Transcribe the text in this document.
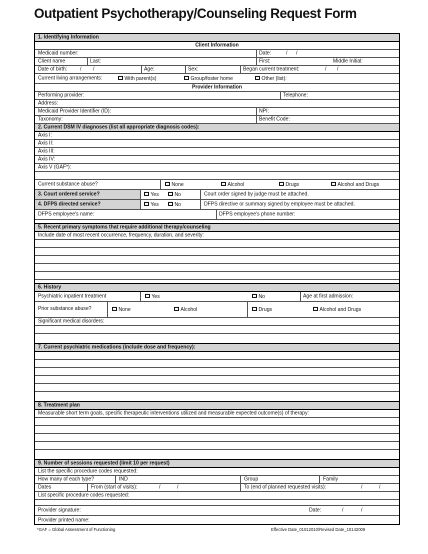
Outpatient Psychotherapy/Counseling Request Form
1. Identifying Information
Client Information
Medicaid number:	Date:	/ /
Client name	Last:	First:	Middle Initial:
Date of birth:	/ /	Age:	Sex:	Began current treatment:	/ /
Current living arrangements:	With parent(s)	Group/foster home	Other (list):
Provider Information
Performing provider:	Telephone:
Address:
Medicaid Provider Identifier (ID):	NPI:
Taxonomy:	Benefit Code:
2. Current DSM IV diagnoses (list all appropriate diagnosis codes):
Axis I:
Axis II:
Axis III:
Axis IV:
Axis V (GAF*):
Current substance abuse?	None	Alcohol	Drugs	Alcohol and Drugs
3. Court ordered service?	Yes	No	Court order signed by judge must be attached.
4. DFPS directed service?	Yes	No	DFPS directive or summary signed by employee must be attached.
DFPS employee's name:	DFPS employee's phone number:
5. Recent primary symptoms that require additional therapy/counseling
Include date of most recent occurrence, frequency, duration, and severity:
6. History
Psychiatric inpatient treatment	Yes	No	Age at first admission:
Prior substance abuse?	None	Alcohol	Drugs	Alcohol and Drugs
Significant medical disorders:
7. Current psychiatric medications (include dose and frequency):
8. Treatment plan
Measurable short term goals, specific therapeutic interventions utilized and measurable expected outcome(s) of therapy:
9. Number of sessions requested (limit 10 per request)
List the specific procedure codes requested:
How many of each type?	IND	Group	Family
Dates	From (start of visits):	/	/	To (end of planned requested visits):	/	/
List specific procedure codes requested:
Provider signature:	Date:	/	/
Provider printed name:
*GAF = Global Assessment of Functioning	Effective Date_01012010/Revised Date_10142009
